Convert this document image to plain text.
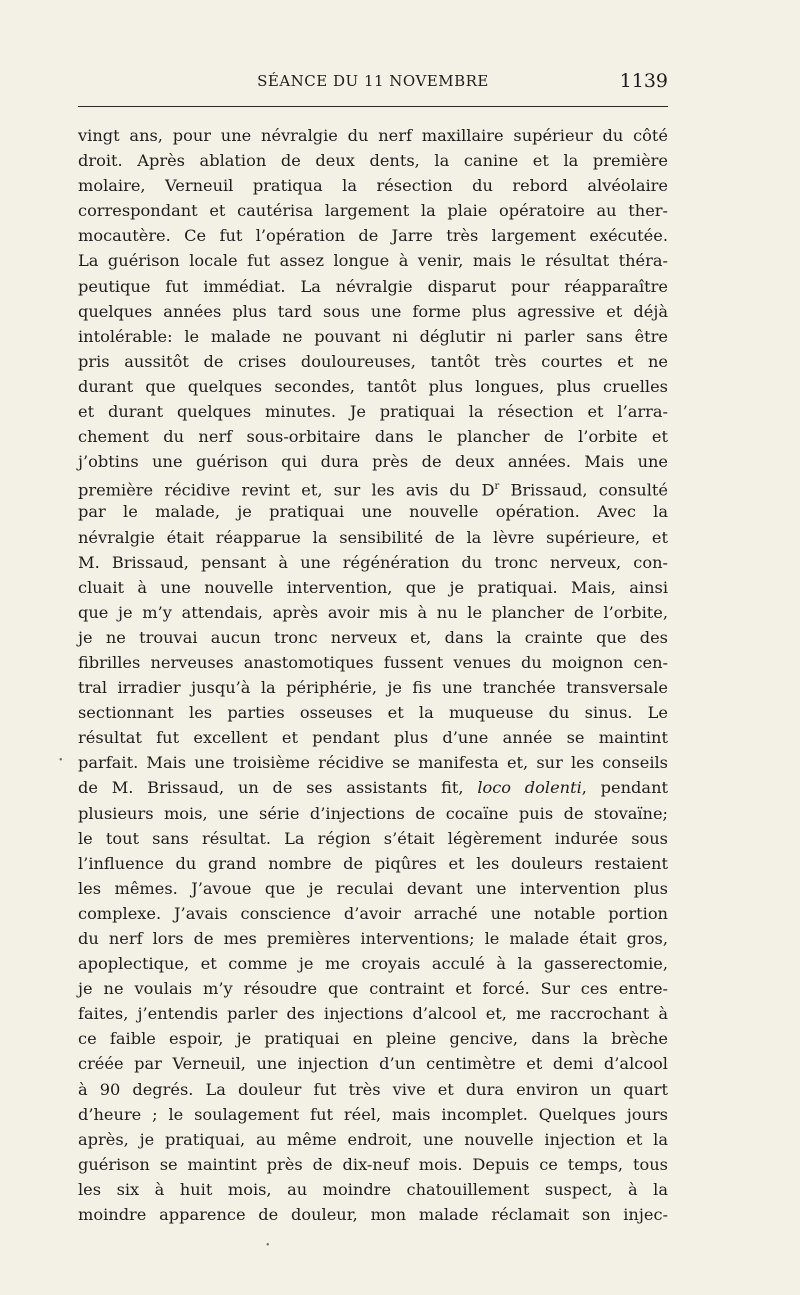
SÉANCE DU 11 NOVEMBRE	1139
vingt ans, pour une névralgie du nerf maxillaire supérieur du côté
droit. Après ablation de deux dents, la canine et la première
molaire, Verneuil pratiqua la résection du rebord alvéolaire
correspondant et cautérisa largement la plaie opératoire au ther-
mocautère. Ce fut l’opération de Jarre très largement exécutée.
La guérison locale fut assez longue à venir, mais le résultat théra-
peutique fut immédiat. La névralgie disparut pour réapparaître
quelques années plus tard sous une forme plus agressive et déjà
intolérable: le malade ne pouvant ni déglutir ni parler sans être
pris aussitôt de crises douloureuses, tantôt très courtes et ne
durant que quelques secondes, tantôt plus longues, plus cruelles
et durant quelques minutes. Je pratiquai la résection et l’arra-
chement du nerf sous-orbitaire dans le plancher de l’orbite et
j’obtins une guérison qui dura près de deux années. Mais une
première récidive revint et, sur les avis du $D^r$ Brissaud, consulté
par le malade, je pratiquai une nouvelle opération. Avec la
névralgie était réapparue la sensibilité de la lèvre supérieure, et
M. Brissaud, pensant à une régénération du tronc nerveux, con-
cluait à une nouvelle intervention, que je pratiquai. Mais, ainsi
que je m’y attendais, après avoir mis à nu le plancher de l’orbite,
je ne trouvai aucun tronc nerveux et, dans la crainte que des
fibrilles nerveuses anastomotiques fussent venues du moignon cen-
tral irradier jusqu’à la périphérie, je fis une tranchée transversale
sectionnant les parties osseuses et la muqueuse du sinus. Le
résultat fut excellent et pendant plus d’une année se maintint
parfait. Mais une troisième récidive se manifesta et, sur les conseils
de M. Brissaud, un de ses assistants fit, loco dolenti, pendant
plusieurs mois, une série d’injections de cocaïne puis de stovaïne;
le tout sans résultat. La région s’était légèrement indurée sous
l’influence du grand nombre de piqûres et les douleurs restaient
les mêmes. J’avoue que je reculai devant une intervention plus
complexe. J’avais conscience d’avoir arraché une notable portion
du nerf lors de mes premières interventions; le malade était gros,
apoplectique, et comme je me croyais acculé à la gasserectomie,
je ne voulais m’y résoudre que contraint et forcé. Sur ces entre-
faites, j’entendis parler des injections d’alcool et, me raccrochant à
ce faible espoir, je pratiquai en pleine gencive, dans la brèche
créée par Verneuil, une injection d’un centimètre et demi d’alcool
à 90 degrés. La douleur fut très vive et dura environ un quart
d’heure ; le soulagement fut réel, mais incomplet. Quelques jours
après, je pratiquai, au même endroit, une nouvelle injection et la
guérison se maintint près de dix-neuf mois. Depuis ce temps, tous
les six à huit mois, au moindre chatouillement suspect, à la
moindre apparence de douleur, mon malade réclamait son injec-
•
•
